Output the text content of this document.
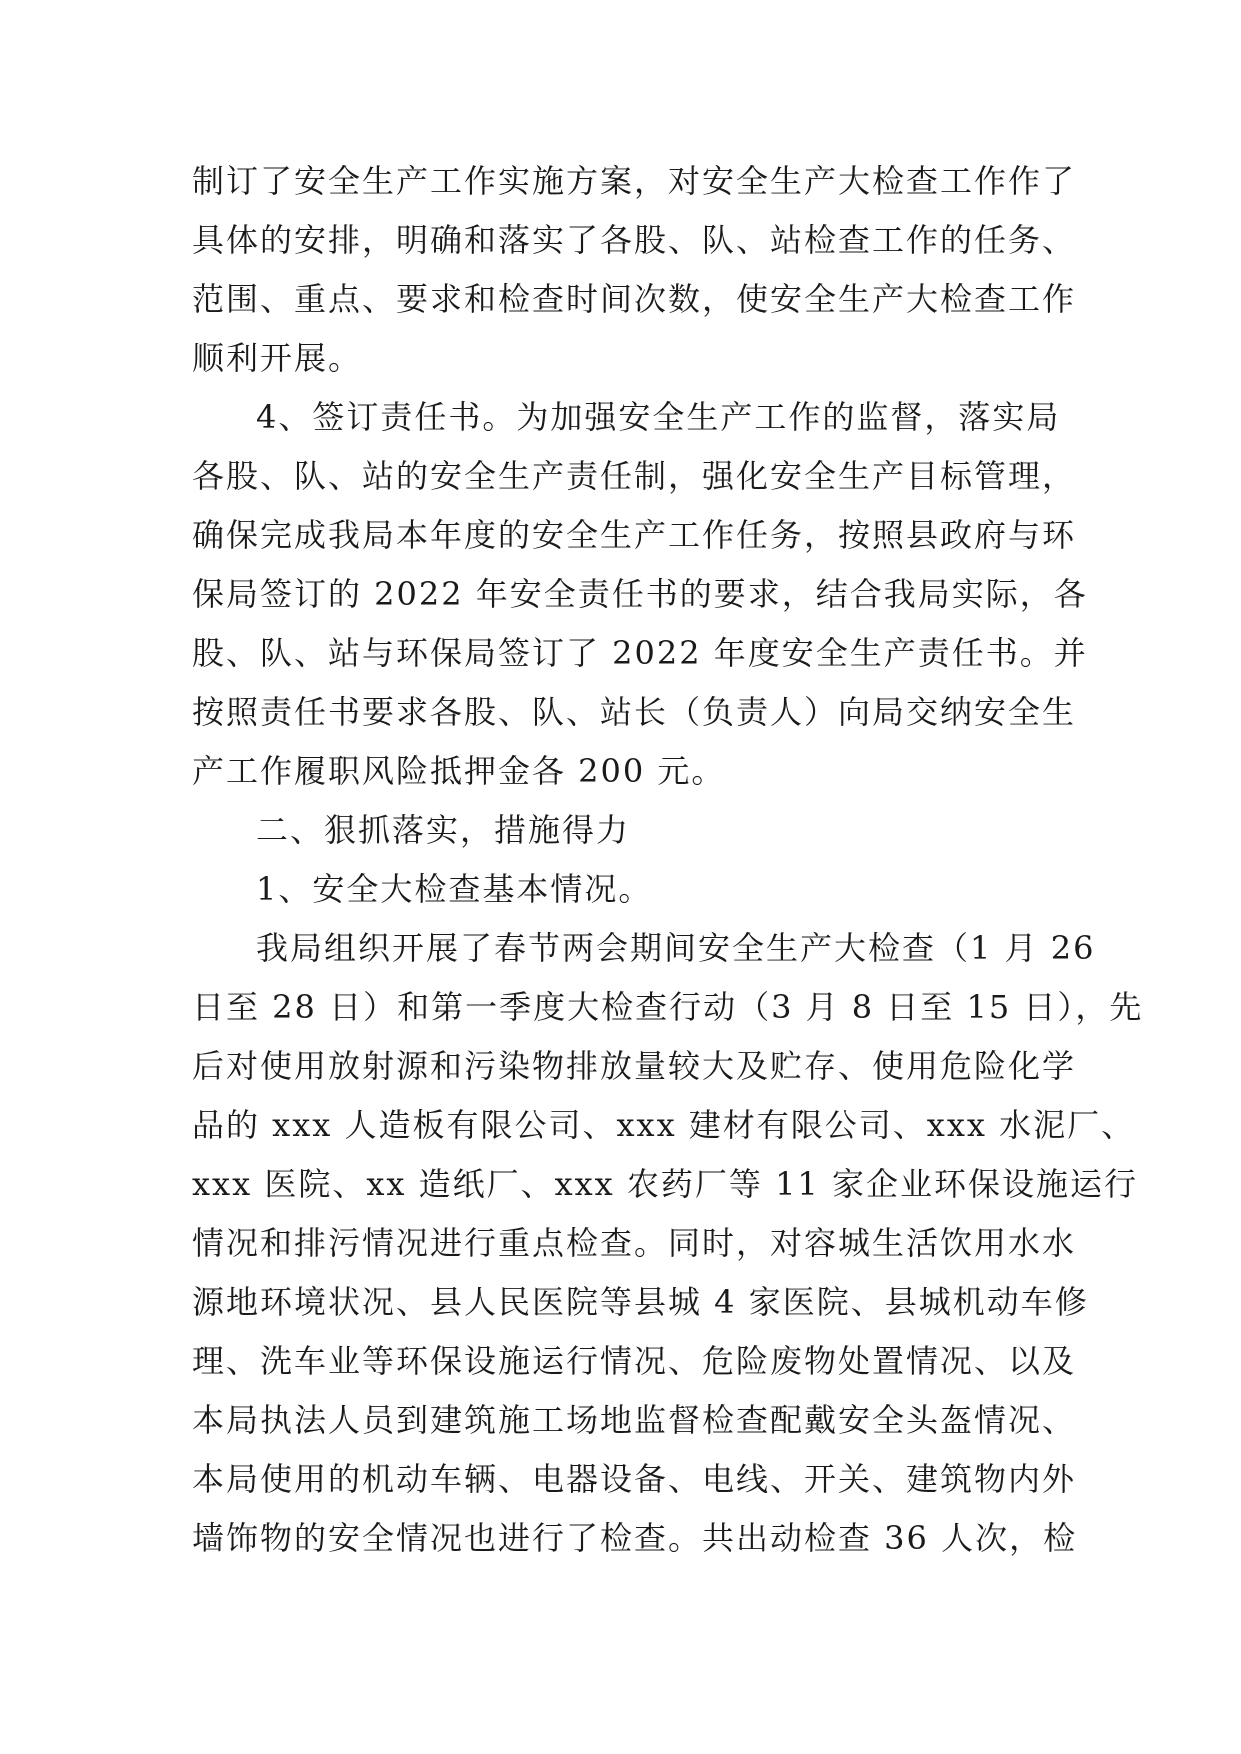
制订了安全生产工作实施方案，对安全生产大检查工作作了
具体的安排，明确和落实了各股、队、站检查工作的任务、
范围、重点、要求和检查时间次数，使安全生产大检查工作
顺利开展。
4、签订责任书。为加强安全生产工作的监督，落实局
各股、队、站的安全生产责任制，强化安全生产目标管理，
确保完成我局本年度的安全生产工作任务，按照县政府与环
保局签订的 2022 年安全责任书的要求，结合我局实际，各
股、队、站与环保局签订了 2022 年度安全生产责任书。并
按照责任书要求各股、队、站长（负责人）向局交纳安全生
产工作履职风险抵押金各 200 元。
二、狠抓落实，措施得力
1、安全大检查基本情况。
我局组织开展了春节两会期间安全生产大检查（1 月 26
日至 28 日）和第一季度大检查行动（3 月 8 日至 15 日），先
后对使用放射源和污染物排放量较大及贮存、使用危险化学
品的 xxx 人造板有限公司、xxx 建材有限公司、xxx 水泥厂、
xxx 医院、xx 造纸厂、xxx 农药厂等 11 家企业环保设施运行
情况和排污情况进行重点检查。同时，对容城生活饮用水水
源地环境状况、县人民医院等县城 4 家医院、县城机动车修
理、洗车业等环保设施运行情况、危险废物处置情况、以及
本局执法人员到建筑施工场地监督检查配戴安全头盔情况、
本局使用的机动车辆、电器设备、电线、开关、建筑物内外
墙饰物的安全情况也进行了检查。共出动检查 36 人次，检
